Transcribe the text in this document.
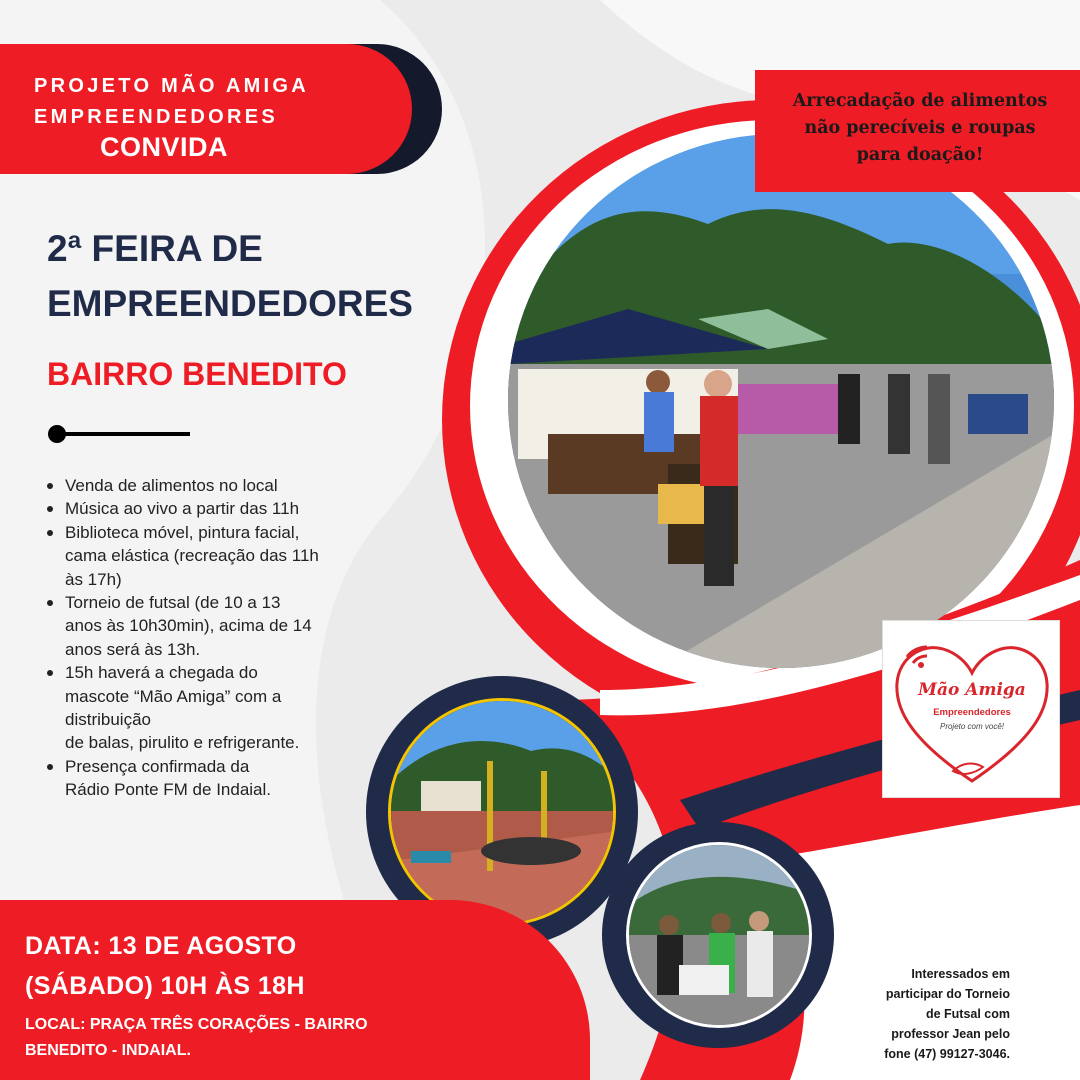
Arrecadação de alimentos
não perecíveis e roupas
para doação!
PROJETO MÃO AMIGA
EMPREENDEDORES
CONVIDA
2ª FEIRA DE
EMPREENDEDORES
BAIRRO BENEDITO
Venda de alimentos no local
Música ao vivo a partir das 11h
Biblioteca móvel, pintura facial,
cama elástica (recreação das 11h
às 17h)
Torneio de futsal (de 10 a 13
anos às 10h30min), acima de 14
anos será às 13h.
15h haverá a chegada do
mascote “Mão Amiga” com a
distribuição
de balas, pirulito e refrigerante.
Presença confirmada da
Rádio Ponte FM de Indaial.
Mão Amiga
Empreendedores
Projeto com você!
DATA: 13 DE AGOSTO
(SÁBADO) 10H ÀS 18H
LOCAL: PRAÇA TRÊS CORAÇÕES - BAIRRO
BENEDITO - INDAIAL.
Interessados em
participar do Torneio
de Futsal com
professor Jean pelo
fone (47) 99127-3046.
